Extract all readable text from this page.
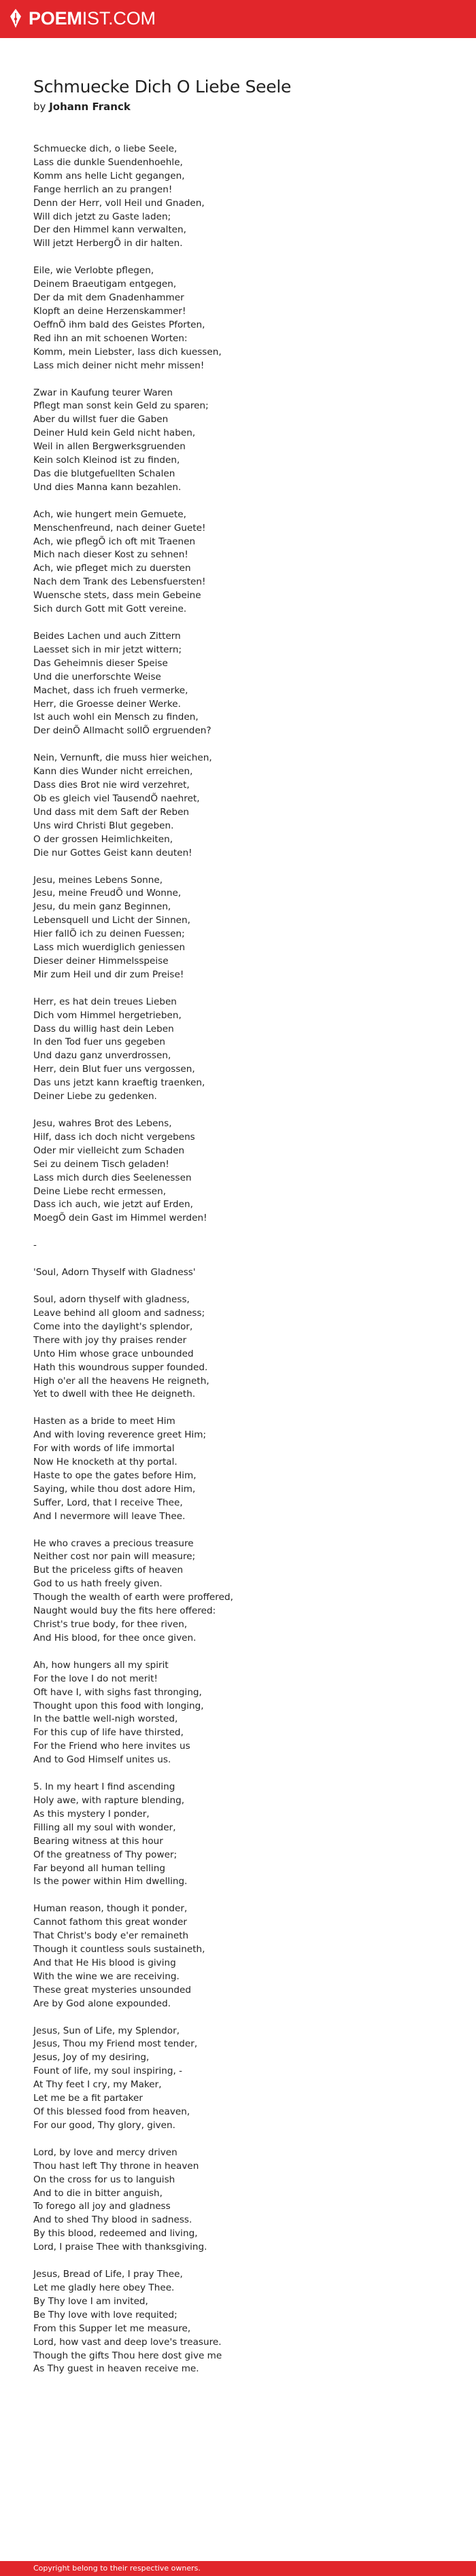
POEMIST.COM
Schmuecke Dich O Liebe Seele
by Johann Franck
Schmuecke dich, o liebe Seele,
Lass die dunkle Suendenhoehle,
Komm ans helle Licht gegangen,
Fange herrlich an zu prangen!
Denn der Herr, voll Heil und Gnaden,
Will dich jetzt zu Gaste laden;
Der den Himmel kann verwalten,
Will jetzt HerbergÕ in dir halten.
Eile, wie Verlobte pflegen,
Deinem Braeutigam entgegen,
Der da mit dem Gnadenhammer
Klopft an deine Herzenskammer!
OeffnÕ ihm bald des Geistes Pforten,
Red ihn an mit schoenen Worten:
Komm, mein Liebster, lass dich kuessen,
Lass mich deiner nicht mehr missen!
Zwar in Kaufung teurer Waren
Pflegt man sonst kein Geld zu sparen;
Aber du willst fuer die Gaben
Deiner Huld kein Geld nicht haben,
Weil in allen Bergwerksgruenden
Kein solch Kleinod ist zu finden,
Das die blutgefuellten Schalen
Und dies Manna kann bezahlen.
Ach, wie hungert mein Gemuete,
Menschenfreund, nach deiner Guete!
Ach, wie pflegÕ ich oft mit Traenen
Mich nach dieser Kost zu sehnen!
Ach, wie pfleget mich zu duersten
Nach dem Trank des Lebensfuersten!
Wuensche stets, dass mein Gebeine
Sich durch Gott mit Gott vereine.
Beides Lachen und auch Zittern
Laesset sich in mir jetzt wittern;
Das Geheimnis dieser Speise
Und die unerforschte Weise
Machet, dass ich frueh vermerke,
Herr, die Groesse deiner Werke.
Ist auch wohl ein Mensch zu finden,
Der deinÕ Allmacht sollÕ ergruenden?
Nein, Vernunft, die muss hier weichen,
Kann dies Wunder nicht erreichen,
Dass dies Brot nie wird verzehret,
Ob es gleich viel TausendÕ naehret,
Und dass mit dem Saft der Reben
Uns wird Christi Blut gegeben.
O der grossen Heimlichkeiten,
Die nur Gottes Geist kann deuten!
Jesu, meines Lebens Sonne,
Jesu, meine FreudÕ und Wonne,
Jesu, du mein ganz Beginnen,
Lebensquell und Licht der Sinnen,
Hier fallÕ ich zu deinen Fuessen;
Lass mich wuerdiglich geniessen
Dieser deiner Himmelsspeise
Mir zum Heil und dir zum Preise!
Herr, es hat dein treues Lieben
Dich vom Himmel hergetrieben,
Dass du willig hast dein Leben
In den Tod fuer uns gegeben
Und dazu ganz unverdrossen,
Herr, dein Blut fuer uns vergossen,
Das uns jetzt kann kraeftig traenken,
Deiner Liebe zu gedenken.
Jesu, wahres Brot des Lebens,
Hilf, dass ich doch nicht vergebens
Oder mir vielleicht zum Schaden
Sei zu deinem Tisch geladen!
Lass mich durch dies Seelenessen
Deine Liebe recht ermessen,
Dass ich auch, wie jetzt auf Erden,
MoegÕ dein Gast im Himmel werden!
-
'Soul, Adorn Thyself with Gladness'
Soul, adorn thyself with gladness,
Leave behind all gloom and sadness;
Come into the daylight's splendor,
There with joy thy praises render
Unto Him whose grace unbounded
Hath this woundrous supper founded.
High o'er all the heavens He reigneth,
Yet to dwell with thee He deigneth.
Hasten as a bride to meet Him
And with loving reverence greet Him;
For with words of life immortal
Now He knocketh at thy portal.
Haste to ope the gates before Him,
Saying, while thou dost adore Him,
Suffer, Lord, that I receive Thee,
And I nevermore will leave Thee.
He who craves a precious treasure
Neither cost nor pain will measure;
But the priceless gifts of heaven
God to us hath freely given.
Though the wealth of earth were proffered,
Naught would buy the fits here offered:
Christ's true body, for thee riven,
And His blood, for thee once given.
Ah, how hungers all my spirit
For the love I do not merit!
Oft have I, with sighs fast thronging,
Thought upon this food with longing,
In the battle well-nigh worsted,
For this cup of life have thirsted,
For the Friend who here invites us
And to God Himself unites us.
5. In my heart I find ascending
Holy awe, with rapture blending,
As this mystery I ponder,
Filling all my soul with wonder,
Bearing witness at this hour
Of the greatness of Thy power;
Far beyond all human telling
Is the power within Him dwelling.
Human reason, though it ponder,
Cannot fathom this great wonder
That Christ's body e'er remaineth
Though it countless souls sustaineth,
And that He His blood is giving
With the wine we are receiving.
These great mysteries unsounded
Are by God alone expounded.
Jesus, Sun of Life, my Splendor,
Jesus, Thou my Friend most tender,
Jesus, Joy of my desiring,
Fount of life, my soul inspiring, -
At Thy feet I cry, my Maker,
Let me be a fit partaker
Of this blessed food from heaven,
For our good, Thy glory, given.
Lord, by love and mercy driven
Thou hast left Thy throne in heaven
On the cross for us to languish
And to die in bitter anguish,
To forego all joy and gladness
And to shed Thy blood in sadness.
By this blood, redeemed and living,
Lord, I praise Thee with thanksgiving.
Jesus, Bread of Life, I pray Thee,
Let me gladly here obey Thee.
By Thy love I am invited,
Be Thy love with love requited;
From this Supper let me measure,
Lord, how vast and deep love's treasure.
Though the gifts Thou here dost give me
As Thy guest in heaven receive me.
Copyright belong to their respective owners.
